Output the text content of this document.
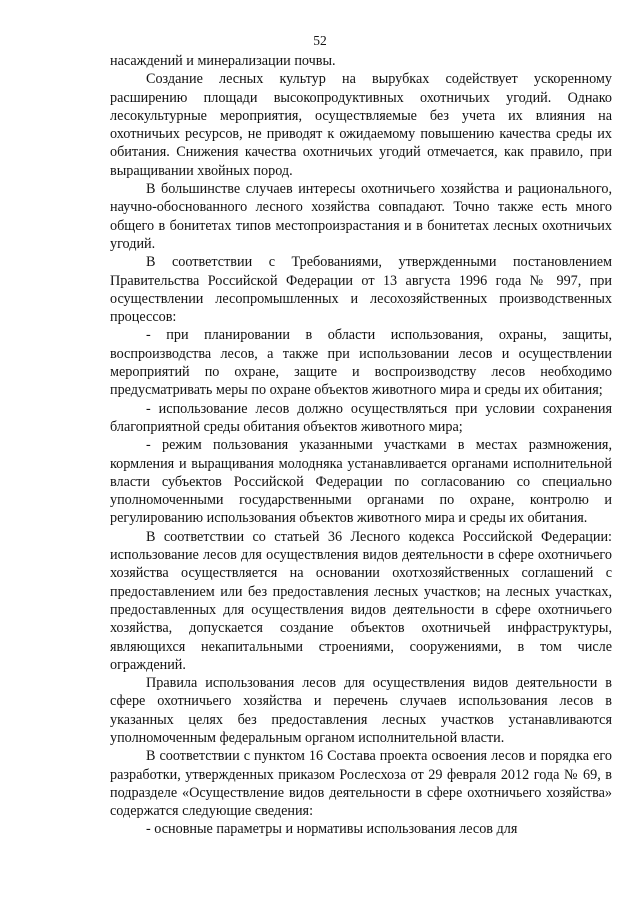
52

насаждений и минерализации почвы.

Создание лесных культур на вырубках содействует ускоренному расширению площади высокопродуктивных охотничьих угодий. Однако лесокультурные мероприятия, осуществляемые без учета их влияния на охотничьих ресурсов, не приводят к ожидаемому повышению качества среды их обитания. Снижения качества охотничьих угодий отмечается, как правило, при выращивании хвойных пород.

В большинстве случаев интересы охотничьего хозяйства и рационального, научно-обоснованного лесного хозяйства совпадают. Точно также есть много общего в бонитетах типов местопроизрастания и в бонитетах лесных охотничьих угодий.

В соответствии с Требованиями, утвержденными постановлением Правительства Российской Федерации от 13 августа 1996 года № 997, при осуществлении лесопромышленных и лесохозяйственных производственных процессов:

- при планировании в области использования, охраны, защиты, воспроизводства лесов, а также при использовании лесов и осуществлении мероприятий по охране, защите и воспроизводству лесов необходимо предусматривать меры по охране объектов животного мира и среды их обитания;

- использование лесов должно осуществляться при условии сохранения благоприятной среды обитания объектов животного мира;

- режим пользования указанными участками в местах размножения, кормления и выращивания молодняка устанавливается органами исполнительной власти субъектов Российской Федерации по согласованию со специально уполномоченными государственными органами по охране, контролю и регулированию использования объектов животного мира и среды их обитания.

В соответствии со статьей 36 Лесного кодекса Российской Федерации: использование лесов для осуществления видов деятельности в сфере охотничьего хозяйства осуществляется на основании охотхозяйственных соглашений с предоставлением или без предоставления лесных участков; на лесных участках, предоставленных для осуществления видов деятельности в сфере охотничьего хозяйства, допускается создание объектов охотничьей инфраструктуры, являющихся некапитальными строениями, сооружениями, в том числе ограждений.

Правила использования лесов для осуществления видов деятельности в сфере охотничьего хозяйства и перечень случаев использования лесов в указанных целях без предоставления лесных участков устанавливаются уполномоченным федеральным органом исполнительной власти.

В соответствии с пунктом 16 Состава проекта освоения лесов и порядка его разработки, утвержденных приказом Рослесхоза от 29 февраля 2012 года № 69, в подразделе «Осуществление видов деятельности в сфере охотничьего хозяйства» содержатся следующие сведения:

- основные параметры и нормативы использования лесов для
